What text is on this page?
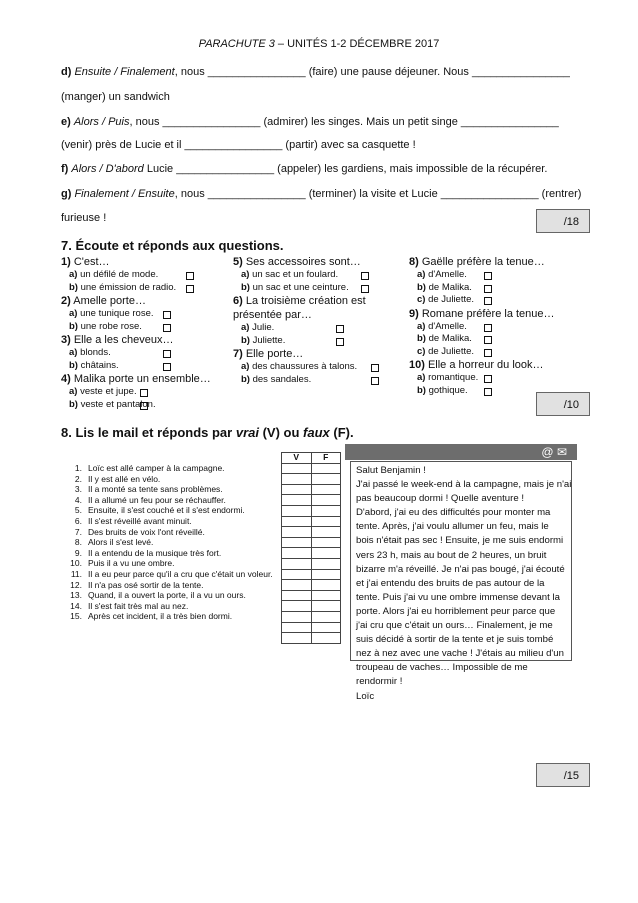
PARACHUTE 3 – UNITÉS 1-2 DÉCEMBRE 2017
d) Ensuite / Finalement, nous ________________ (faire) une pause déjeuner. Nous ________________
(manger) un sandwich
e) Alors / Puis, nous ________________ (admirer) les singes. Mais un petit singe ________________
(venir) près de Lucie et il ________________ (partir) avec sa casquette !
f) Alors / D'abord Lucie ________________ (appeler) les gardiens, mais impossible de la récupérer.
g) Finalement / Ensuite, nous ________________ (terminer) la visite et Lucie ________________ (rentrer)
furieuse !	/18
7. Écoute et réponds aux questions.
1) C'est…
a) un défilé de mode.
b) une émission de radio.
2) Amelle porte…
a) une tunique rose.
b) une robe rose.
3) Elle a les cheveux…
a) blonds.
b) châtains.
4) Malika porte un ensemble…
a) veste et jupe.
b) veste et pantalon.
5) Ses accessoires sont…
a) un sac et un foulard.
b) un sac et une ceinture.
6) La troisième création est
présentée par…
a) Julie.
b) Juliette.
7) Elle porte…
a) des chaussures à talons.
b) des sandales.
8) Gaëlle préfère la tenue…
a) d'Amelle.
b) de Malika.
c) de Juliette.
9) Romane préfère la tenue…
a) d'Amelle.
b) de Malika.
c) de Juliette.
10) Elle a horreur du look…
a) romantique.
b) gothique.
/10
8. Lis le mail et réponds par vrai (V) ou faux (F).
1. Loïc est allé camper à la campagne.
2. Il y est allé en vélo.
3. Il a monté sa tente sans problèmes.
4. Il a allumé un feu pour se réchauffer.
5. Ensuite, il s'est couché et il s'est endormi.
6. Il s'est réveillé avant minuit.
7. Des bruits de voix l'ont réveillé.
8. Alors il s'est levé.
9. Il a entendu de la musique très fort.
10. Puis il a vu une ombre.
11. Il a eu peur parce qu'il a cru que c'était un voleur.
12. Il n'a pas osé sortir de la tente.
13. Quand, il a ouvert la porte, il a vu un ours.
14. Il s'est fait très mal au nez.
15. Après cet incident, il a très bien dormi.
V	F

		@ ✉
Salut Benjamin !
J'ai passé le week-end à la campagne, mais je n'ai
pas beaucoup dormi ! Quelle aventure !
D'abord, j'ai eu des difficultés pour monter ma
tente. Après, j'ai voulu allumer un feu, mais le
bois n'était pas sec ! Ensuite, je me suis endormi
vers 23 h, mais au bout de 2 heures, un bruit
bizarre m'a réveillé. Je n'ai pas bougé, j'ai écouté
et j'ai entendu des bruits de pas autour de la
tente. Puis j'ai vu une ombre immense devant la
porte. Alors j'ai eu horriblement peur parce que
j'ai cru que c'était un ours… Finalement, je me
suis décidé à sortir de la tente et je suis tombé
nez à nez avec une vache ! J'étais au milieu d'un
troupeau de vaches… Impossible de me
rendormir !
Loïc
/15
